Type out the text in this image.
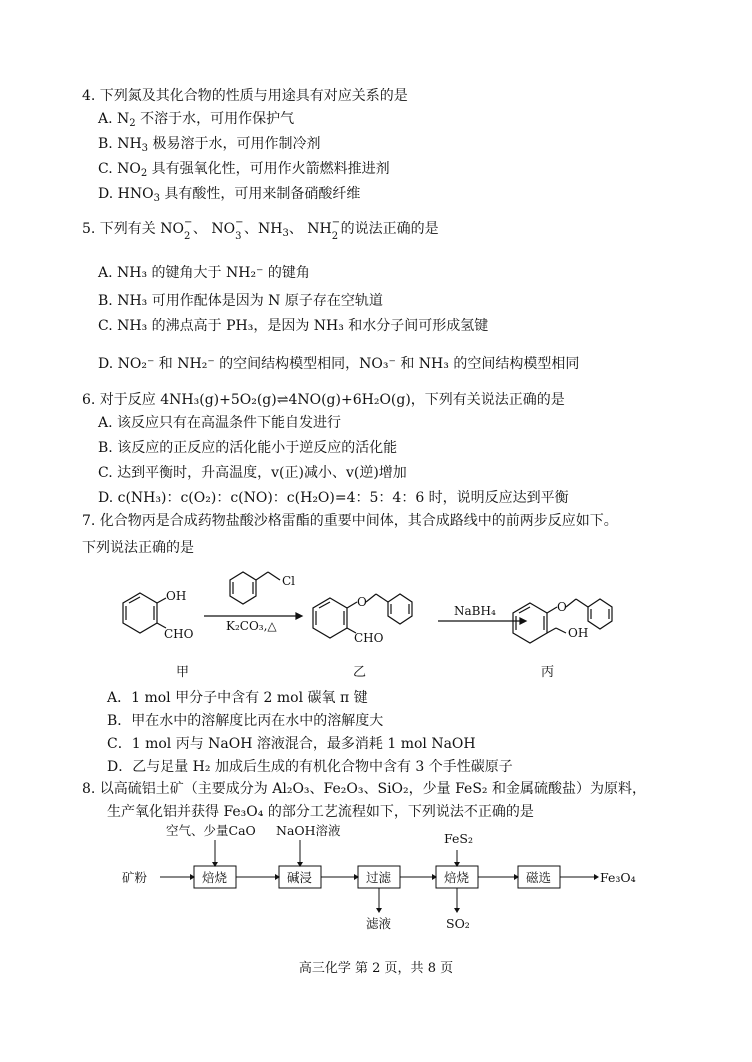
4. 下列氮及其化合物的性质与用途具有对应关系的是
A. $N_2$ 不溶于水，可用作保护气
B. $NH_3$ 极易溶于水，可用作制冷剂
C. $NO_2$ 具有强氧化性，可用作火箭燃料推进剂
D. $HNO_3$ 具有酸性，可用来制备硝酸纤维
5. 下列有关 NO −
2
、 NO −
3
、$NH_3$、 NH −
2
的说法正确的是
A. NH₃ 的键角大于 NH₂⁻ 的键角
B. NH₃ 可用作配体是因为 N 原子存在空轨道
C. NH₃ 的沸点高于 PH₃，是因为 NH₃ 和水分子间可形成氢键
D. NO₂⁻ 和 NH₂⁻ 的空间结构模型相同，NO₃⁻ 和 NH₃ 的空间结构模型相同
6. 对于反应 4NH₃(g)+5O₂(g)⇌4NO(g)+6H₂O(g)，下列有关说法正确的是
A. 该反应只有在高温条件下能自发进行
B. 该反应的正反应的活化能小于逆反应的活化能
C. 达到平衡时，升高温度，v(正)减小、v(逆)增加
D. c(NH₃)：c(O₂)：c(NO)：c(H₂O)=4：5：4：6 时，说明反应达到平衡
7. 化合物丙是合成药物盐酸沙格雷酯的重要中间体，其合成路线中的前两步反应如下。
下列说法正确的是
OH
CHO
Cl
K₂CO₃,△
O
CHO
NaBH₄	O
OH
甲	乙	丙
A．1 mol 甲分子中含有 2 mol 碳氧 π 键
B．甲在水中的溶解度比丙在水中的溶解度大
C．1 mol 丙与 NaOH 溶液混合，最多消耗 1 mol NaOH
D．乙与足量 H₂ 加成后生成的有机化合物中含有 3 个手性碳原子
8. 以高硫铝土矿（主要成分为 Al₂O₃、Fe₂O₃、SiO₂，少量 FeS₂ 和金属硫酸盐）为原料，
生产氧化铝并获得 Fe₃O₄ 的部分工艺流程如下，下列说法不正确的是
空气、少量CaO NaOH溶液
FeS₂
矿粉	焙烧	碱浸	过滤	焙烧	磁选	Fe₃O₄
滤液	SO₂
高三化学 第 2 页，共 8 页
